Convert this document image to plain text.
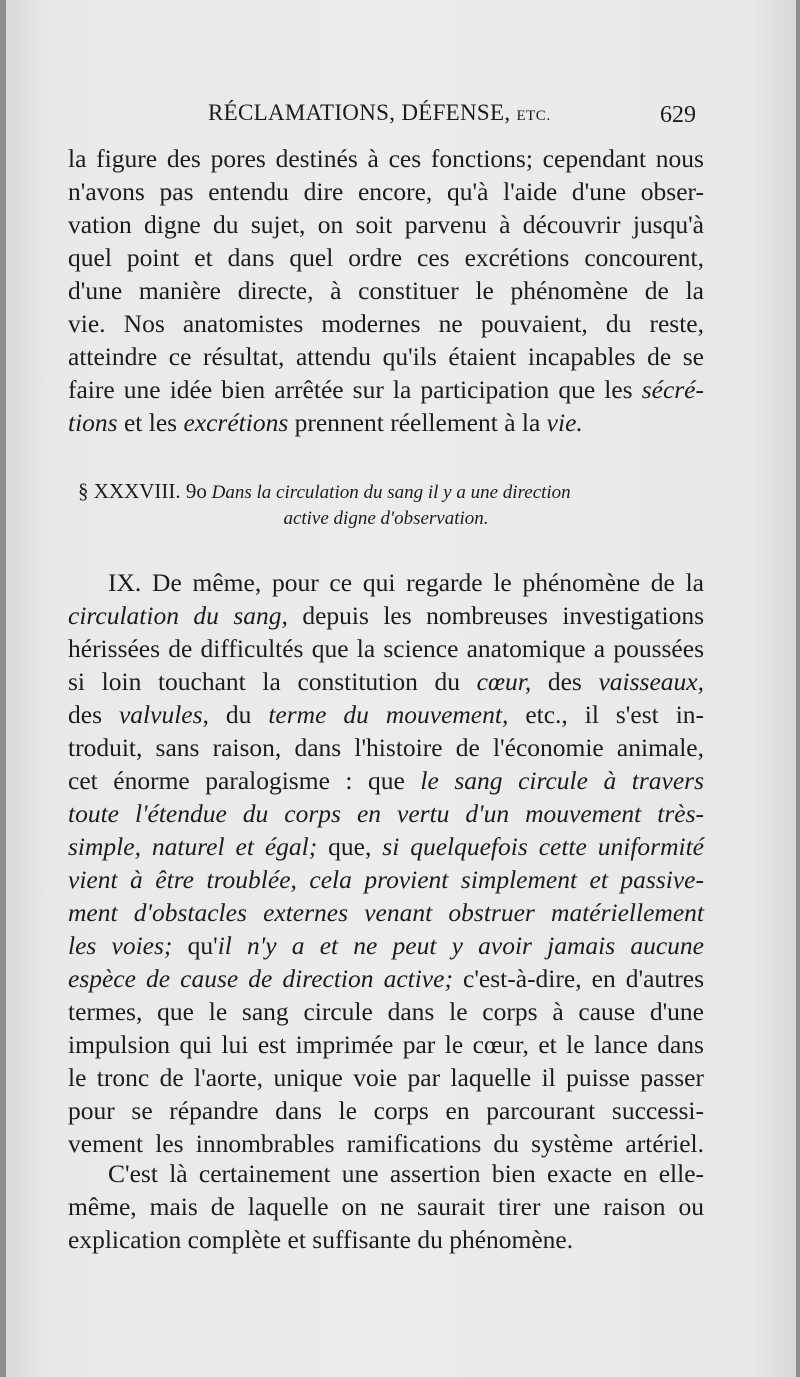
RÉCLAMATIONS, DÉFENSE, ETC.	629
la figure des pores destinés à ces fonctions; cependant nous
n'avons pas entendu dire encore, qu'à l'aide d'une obser-
vation digne du sujet, on soit parvenu à découvrir jusqu'à
quel point et dans quel ordre ces excrétions concourent,
d'une manière directe, à constituer le phénomène de la
vie. Nos anatomistes modernes ne pouvaient, du reste,
atteindre ce résultat, attendu qu'ils étaient incapables de se
faire une idée bien arrêtée sur la participation que les sécré-
tions et les excrétions prennent réellement à la vie.
§ XXXVIII. 9o Dans la circulation du sang il y a une direction
active digne d'observation.
IX. De même, pour ce qui regarde le phénomène de la
circulation du sang, depuis les nombreuses investigations
hérissées de difficultés que la science anatomique a poussées
si loin touchant la constitution du cœur, des vaisseaux,
des valvules, du terme du mouvement, etc., il s'est in-
troduit, sans raison, dans l'histoire de l'économie animale,
cet énorme paralogisme : que le sang circule à travers
toute l'étendue du corps en vertu d'un mouvement très-
simple, naturel et égal; que, si quelquefois cette uniformité
vient à être troublée, cela provient simplement et passive-
ment d'obstacles externes venant obstruer matériellement
les voies; qu'il n'y a et ne peut y avoir jamais aucune
espèce de cause de direction active; c'est-à-dire, en d'autres
termes, que le sang circule dans le corps à cause d'une
impulsion qui lui est imprimée par le cœur, et le lance dans
le tronc de l'aorte, unique voie par laquelle il puisse passer
pour se répandre dans le corps en parcourant successi-
vement les innombrables ramifications du système artériel.
C'est là certainement une assertion bien exacte en elle-
même, mais de laquelle on ne saurait tirer une raison ou
explication complète et suffisante du phénomène.
